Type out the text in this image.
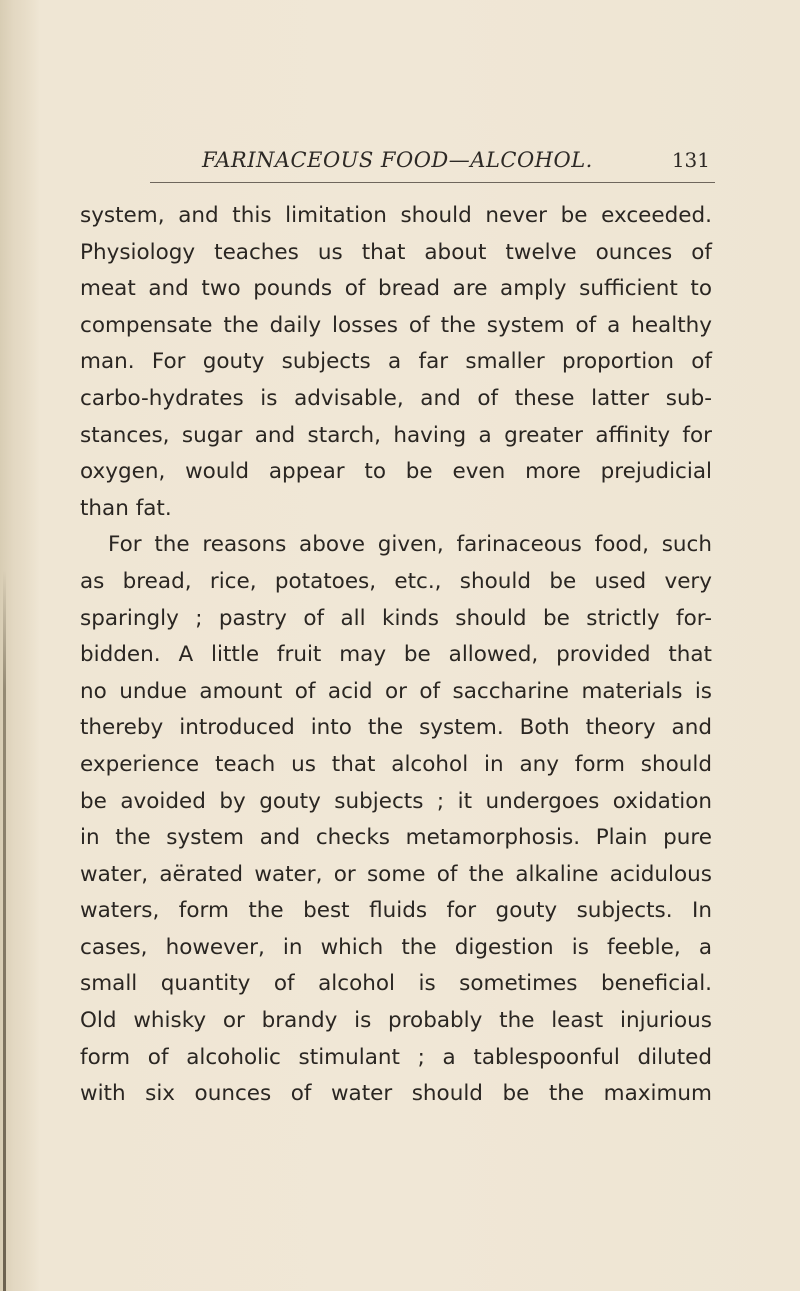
FARINACEOUS FOOD—ALCOHOL.	131
system, and this limitation should never be exceeded.
Physiology teaches us that about twelve ounces of
meat and two pounds of bread are amply sufficient to
compensate the daily losses of the system of a healthy
man. For gouty subjects a far smaller proportion of
carbo-hydrates is advisable, and of these latter sub-
stances, sugar and starch, having a greater affinity for
oxygen, would appear to be even more prejudicial
than fat.
For the reasons above given, farinaceous food, such
as bread, rice, potatoes, etc., should be used very
sparingly ; pastry of all kinds should be strictly for-
bidden. A little fruit may be allowed, provided that
no undue amount of acid or of saccharine materials is
thereby introduced into the system. Both theory and
experience teach us that alcohol in any form should
be avoided by gouty subjects ; it undergoes oxidation
in the system and checks metamorphosis. Plain pure
water, aërated water, or some of the alkaline acidulous
waters, form the best fluids for gouty subjects. In
cases, however, in which the digestion is feeble, a
small quantity of alcohol is sometimes beneficial.
Old whisky or brandy is probably the least injurious
form of alcoholic stimulant ; a tablespoonful diluted
with six ounces of water should be the maximum
